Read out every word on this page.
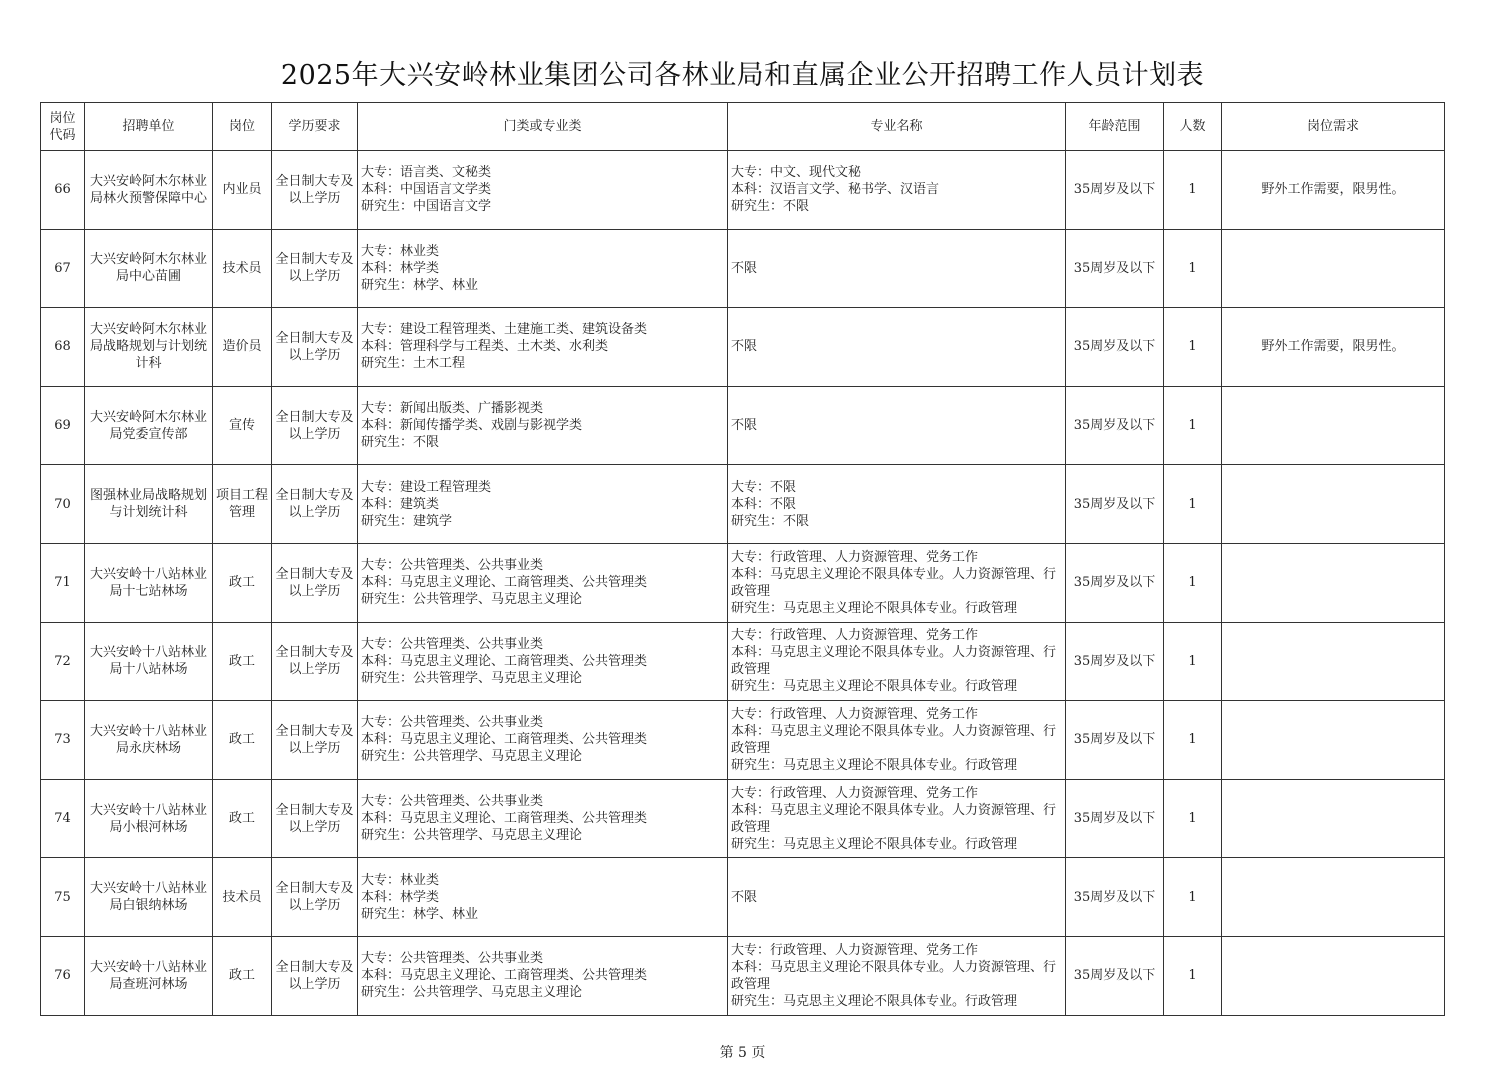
2025年大兴安岭林业集团公司各林业局和直属企业公开招聘工作人员计划表
岗位
代码	招聘单位	岗位	学历要求	门类或专业类	专业名称	年龄范围	人数	岗位需求
66	大兴安岭阿木尔林业局林火预警保障中心	内业员	全日制大专及以上学历	大专：语言类、文秘类
本科：中国语言文学类
研究生：中国语言文学	大专：中文、现代文秘
本科：汉语言文学、秘书学、汉语言
研究生：不限	35周岁及以下	1	野外工作需要，限男性。
67	大兴安岭阿木尔林业局中心苗圃	技术员	全日制大专及以上学历	大专：林业类
本科：林学类
研究生：林学、林业	不限	35周岁及以下	1	
68	大兴安岭阿木尔林业局战略规划与计划统计科	造价员	全日制大专及以上学历	大专：建设工程管理类、土建施工类、建筑设备类
本科：管理科学与工程类、土木类、水利类
研究生：土木工程	不限	35周岁及以下	1	野外工作需要，限男性。
69	大兴安岭阿木尔林业局党委宣传部	宣传	全日制大专及以上学历	大专：新闻出版类、广播影视类
本科：新闻传播学类、戏剧与影视学类
研究生：不限	不限	35周岁及以下	1	
70	图强林业局战略规划与计划统计科	项目工程管理	全日制大专及以上学历	大专：建设工程管理类
本科：建筑类
研究生：建筑学	大专：不限
本科：不限
研究生：不限	35周岁及以下	1	
71	大兴安岭十八站林业局十七站林场	政工	全日制大专及以上学历	大专：公共管理类、公共事业类
本科：马克思主义理论、工商管理类、公共管理类
研究生：公共管理学、马克思主义理论	大专：行政管理、人力资源管理、党务工作
本科：马克思主义理论不限具体专业。人力资源管理、行政管理
研究生：马克思主义理论不限具体专业。行政管理	35周岁及以下	1	
72	大兴安岭十八站林业局十八站林场	政工	全日制大专及以上学历	大专：公共管理类、公共事业类
本科：马克思主义理论、工商管理类、公共管理类
研究生：公共管理学、马克思主义理论	大专：行政管理、人力资源管理、党务工作
本科：马克思主义理论不限具体专业。人力资源管理、行政管理
研究生：马克思主义理论不限具体专业。行政管理	35周岁及以下	1	
73	大兴安岭十八站林业局永庆林场	政工	全日制大专及以上学历	大专：公共管理类、公共事业类
本科：马克思主义理论、工商管理类、公共管理类
研究生：公共管理学、马克思主义理论	大专：行政管理、人力资源管理、党务工作
本科：马克思主义理论不限具体专业。人力资源管理、行政管理
研究生：马克思主义理论不限具体专业。行政管理	35周岁及以下	1	
74	大兴安岭十八站林业局小根河林场	政工	全日制大专及以上学历	大专：公共管理类、公共事业类
本科：马克思主义理论、工商管理类、公共管理类
研究生：公共管理学、马克思主义理论	大专：行政管理、人力资源管理、党务工作
本科：马克思主义理论不限具体专业。人力资源管理、行政管理
研究生：马克思主义理论不限具体专业。行政管理	35周岁及以下	1	
75	大兴安岭十八站林业局白银纳林场	技术员	全日制大专及以上学历	大专：林业类
本科：林学类
研究生：林学、林业	不限	35周岁及以下	1	
76	大兴安岭十八站林业局查班河林场	政工	全日制大专及以上学历	大专：公共管理类、公共事业类
本科：马克思主义理论、工商管理类、公共管理类
研究生：公共管理学、马克思主义理论	大专：行政管理、人力资源管理、党务工作
本科：马克思主义理论不限具体专业。人力资源管理、行政管理
研究生：马克思主义理论不限具体专业。行政管理	35周岁及以下	1	
第 5 页
